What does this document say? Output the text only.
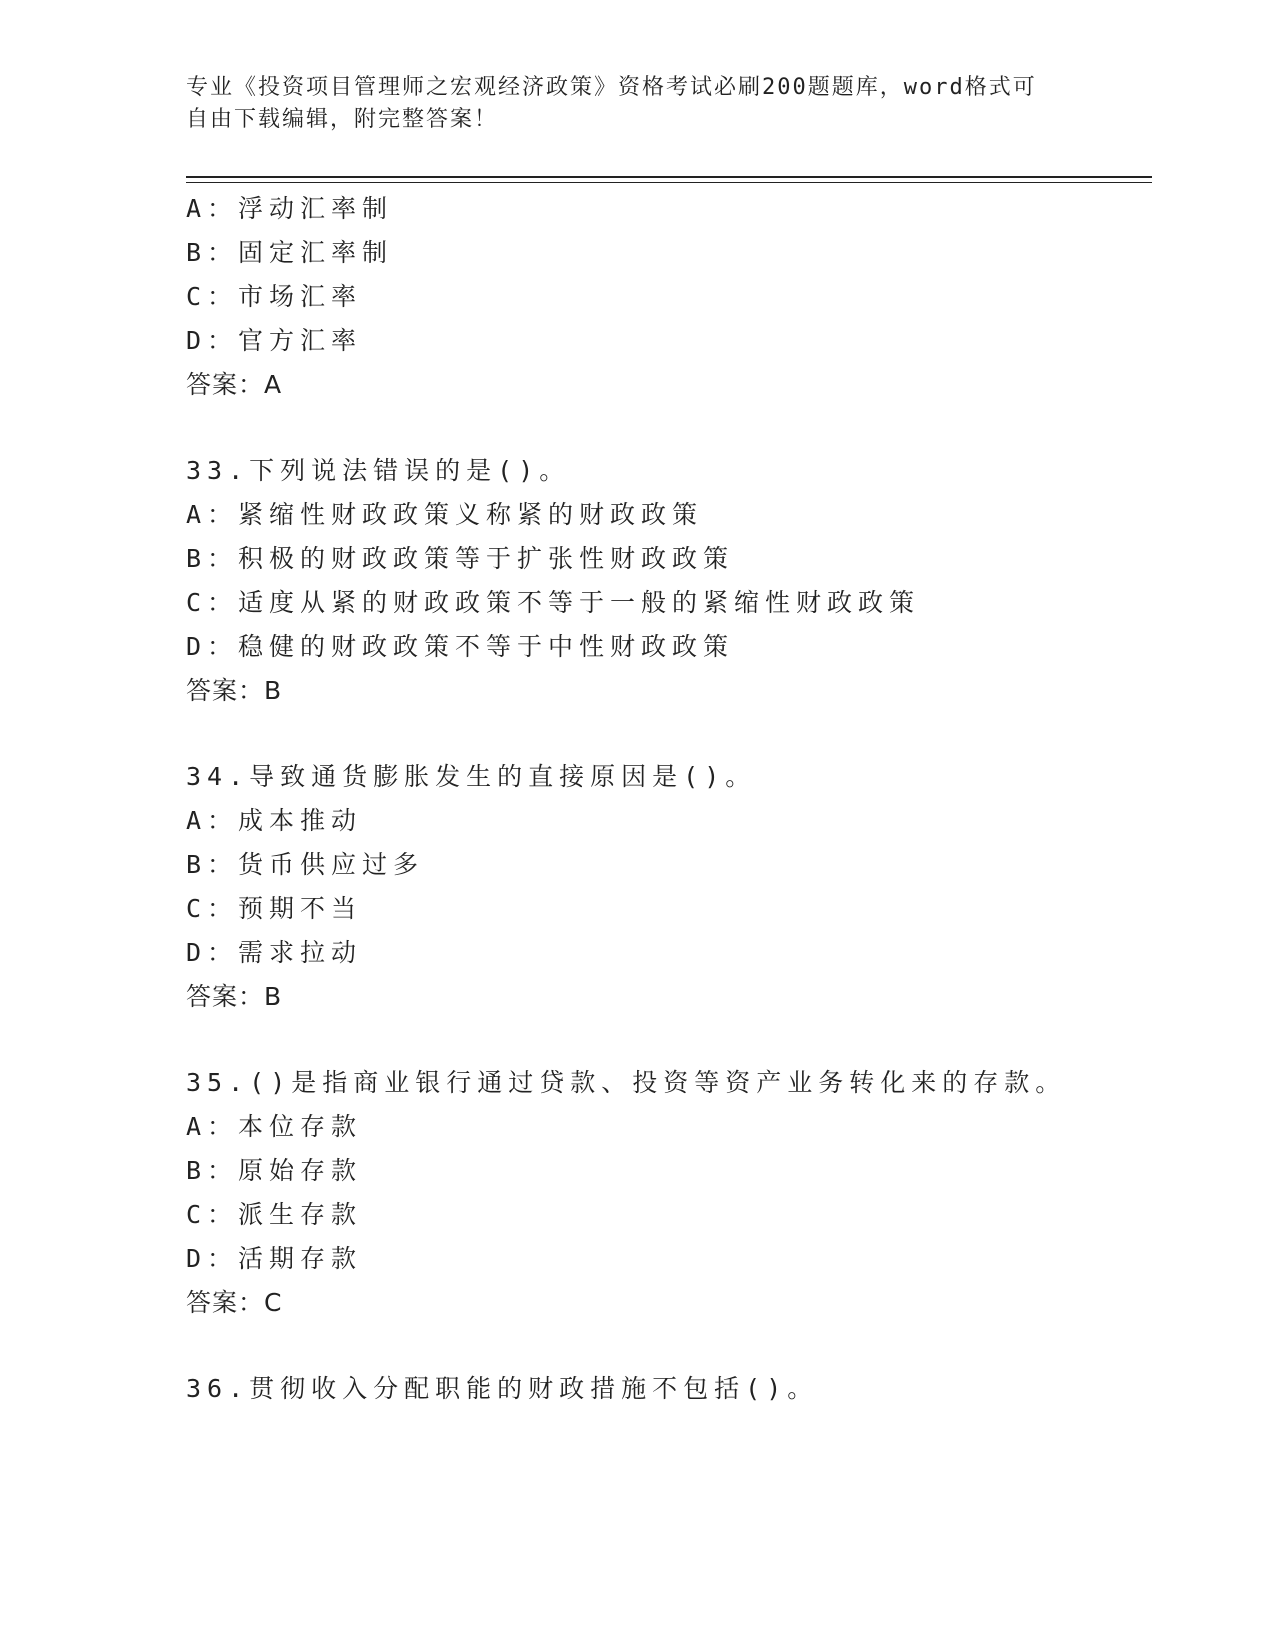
专业《投资项目管理师之宏观经济政策》资格考试必刷200题题库，word格式可
自由下载编辑，附完整答案！
A：浮动汇率制
B：固定汇率制
C：市场汇率
D：官方汇率
答案：A
33.下列说法错误的是()。
A：紧缩性财政政策义称紧的财政政策
B：积极的财政政策等于扩张性财政政策
C：适度从紧的财政政策不等于一般的紧缩性财政政策
D：稳健的财政政策不等于中性财政政策
答案：B
34.导致通货膨胀发生的直接原因是()。
A：成本推动
B：货币供应过多
C：预期不当
D：需求拉动
答案：B
35.()是指商业银行通过贷款、投资等资产业务转化来的存款。
A：本位存款
B：原始存款
C：派生存款
D：活期存款
答案：C
36.贯彻收入分配职能的财政措施不包括()。
